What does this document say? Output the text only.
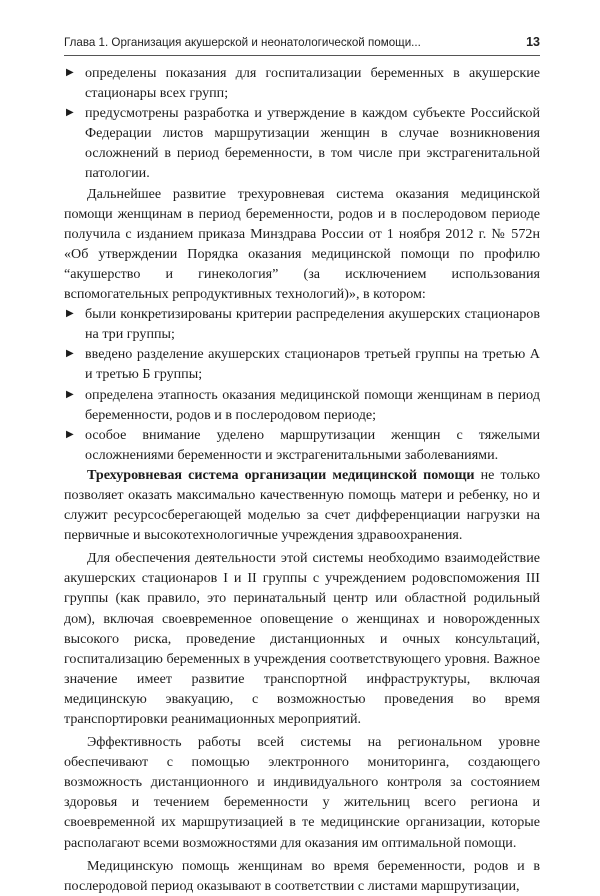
Глава 1. Организация акушерской и неонатологической помощи...	13
▶ определены показания для госпитализации беременных в акушерские стационары всех групп;
▶ предусмотрены разработка и утверждение в каждом субъекте Российской Федерации листов маршрутизации женщин в случае возникновения осложнений в период беременности, в том числе при экстрагенитальной патологии.

Дальнейшее развитие трехуровневая система оказания медицинской помощи женщинам в период беременности, родов и в послеродовом периоде получила с изданием приказа Минздрава России от 1 ноября 2012 г. № 572н «Об утверждении Порядка оказания медицинской помощи по профилю “акушерство и гинекология” (за исключением использования вспомогательных репродуктивных технологий)», в котором:

▶ были конкретизированы критерии распределения акушерских стационаров на три группы;
▶ введено разделение акушерских стационаров третьей группы на третью А и третью Б группы;
▶ определена этапность оказания медицинской помощи женщинам в период беременности, родов и в послеродовом периоде;
▶ особое внимание уделено маршрутизации женщин с тяжелыми осложнениями беременности и экстрагенитальными заболеваниями.

Трехуровневая система организации медицинской помощи не только позволяет оказать максимально качественную помощь матери и ребенку, но и служит ресурсосберегающей моделью за счет дифференциации нагрузки на первичные и высокотехнологичные учреждения здравоохранения.

Для обеспечения деятельности этой системы необходимо взаимодействие акушерских стационаров I и II группы с учреждением родовспоможения III группы (как правило, это перинатальный центр или областной родильный дом), включая своевременное оповещение о женщинах и новорожденных высокого риска, проведение дистанционных и очных консультаций, госпитализацию беременных в учреждения соответствующего уровня. Важное значение имеет развитие транспортной инфраструктуры, включая медицинскую эвакуацию, с возможностью проведения во время транспортировки реанимационных мероприятий.

Эффективность работы всей системы на региональном уровне обеспечивают с помощью электронного мониторинга, создающего возможность дистанционного и индивидуального контроля за состоянием здоровья и течением беременности у жительниц всего региона и своевременной их маршрутизацией в те медицинские организации, которые располагают всеми возможностями для оказания им оптимальной помощи.

Медицинскую помощь женщинам во время беременности, родов и в послеродовой период оказывают в соответствии с листами маршрутизации,
